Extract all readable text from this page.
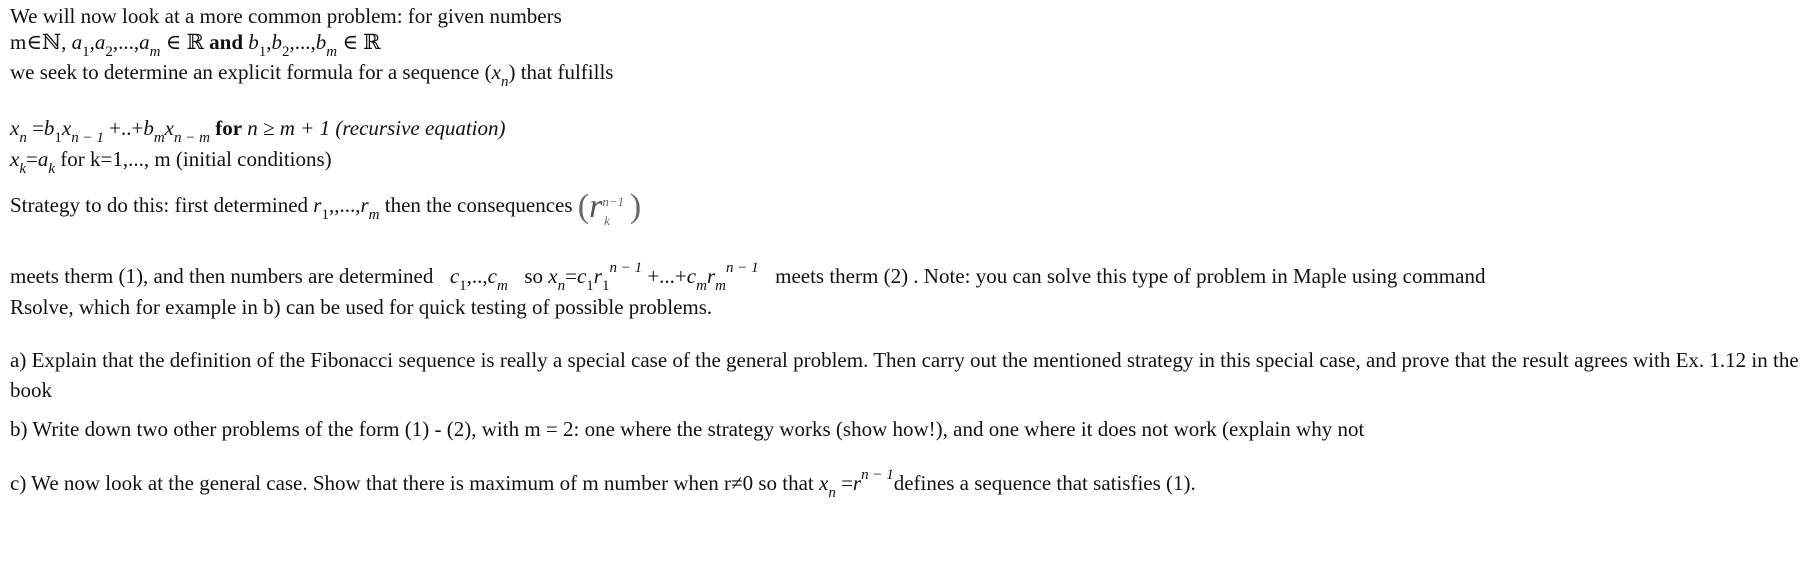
We will now look at a more common problem: for given numbers
m∈ℕ, $a_1,a_2,...,a_m$ ∈ ℝ and $b_1,b_2,...,b_m$ ∈ ℝ
we seek to determine an explicit formula for a sequence $(x_n)$ that fulfills
$x_n =b_1x_{n - 1} +..+b_mx_{n - m}$ for n ≥ m + 1 (recursive equation)
$x_k=a_k$ for k=1,..., m (initial conditions)
Strategy to do this: first determined $r_1,,...,r_m$ then the consequences ($r^{n-1}_k$ )
meets therm (1), and then numbers are determined $c_1,..,c_m$ so $x_n=c_1r_1^{n - 1} +...+c_mr_m^{n - 1}$ meets therm (2) . Note: you can solve this type of problem in Maple using command
Rsolve, which for example in b) can be used for quick testing of possible problems.
a) Explain that the definition of the Fibonacci sequence is really a special case of the general problem. Then carry out the mentioned strategy in this special case, and prove that the result agrees with Ex. 1.12 in the book
b) Write down two other problems of the form (1) - (2), with m = 2: one where the strategy works (show how!), and one where it does not work (explain why not
c) We now look at the general case. Show that there is maximum of m number when r≠0 so that $x_n$ $=r^{n - 1}defines$ a sequence that satisfies (1).
